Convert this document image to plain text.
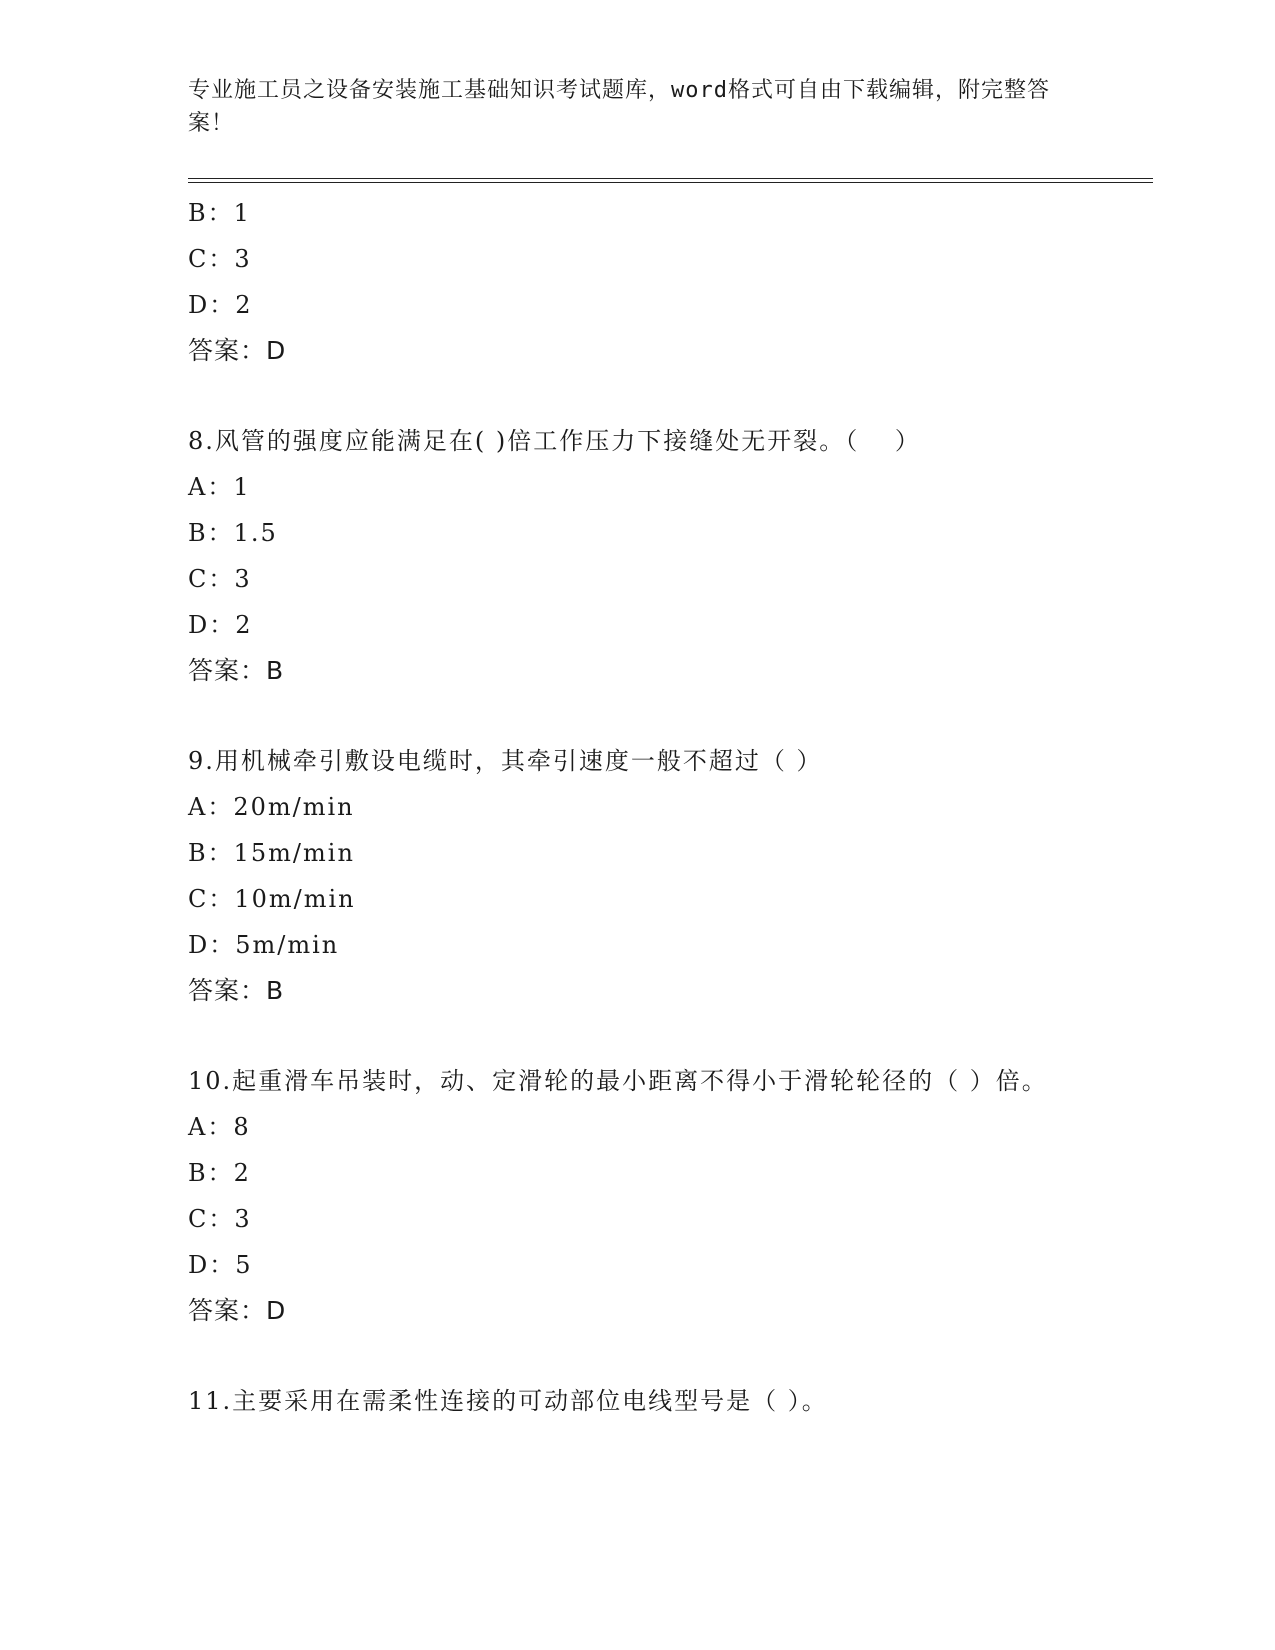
专业施工员之设备安装施工基础知识考试题库，word格式可自由下载编辑，附完整答案！
B：1
C：3
D：2
答案：D
8.风管的强度应能满足在( )倍工作压力下接缝处无开裂。（　 ）
A：1
B：1.5
C：3
D：2
答案：B
9.用机械牵引敷设电缆时，其牵引速度一般不超过（ ）
A：20m/min
B：15m/min
C：10m/min
D：5m/min
答案：B
10.起重滑车吊装时，动、定滑轮的最小距离不得小于滑轮轮径的（ ）倍。
A：8
B：2
C：3
D：5
答案：D
11.主要采用在需柔性连接的可动部位电线型号是（ ）。
